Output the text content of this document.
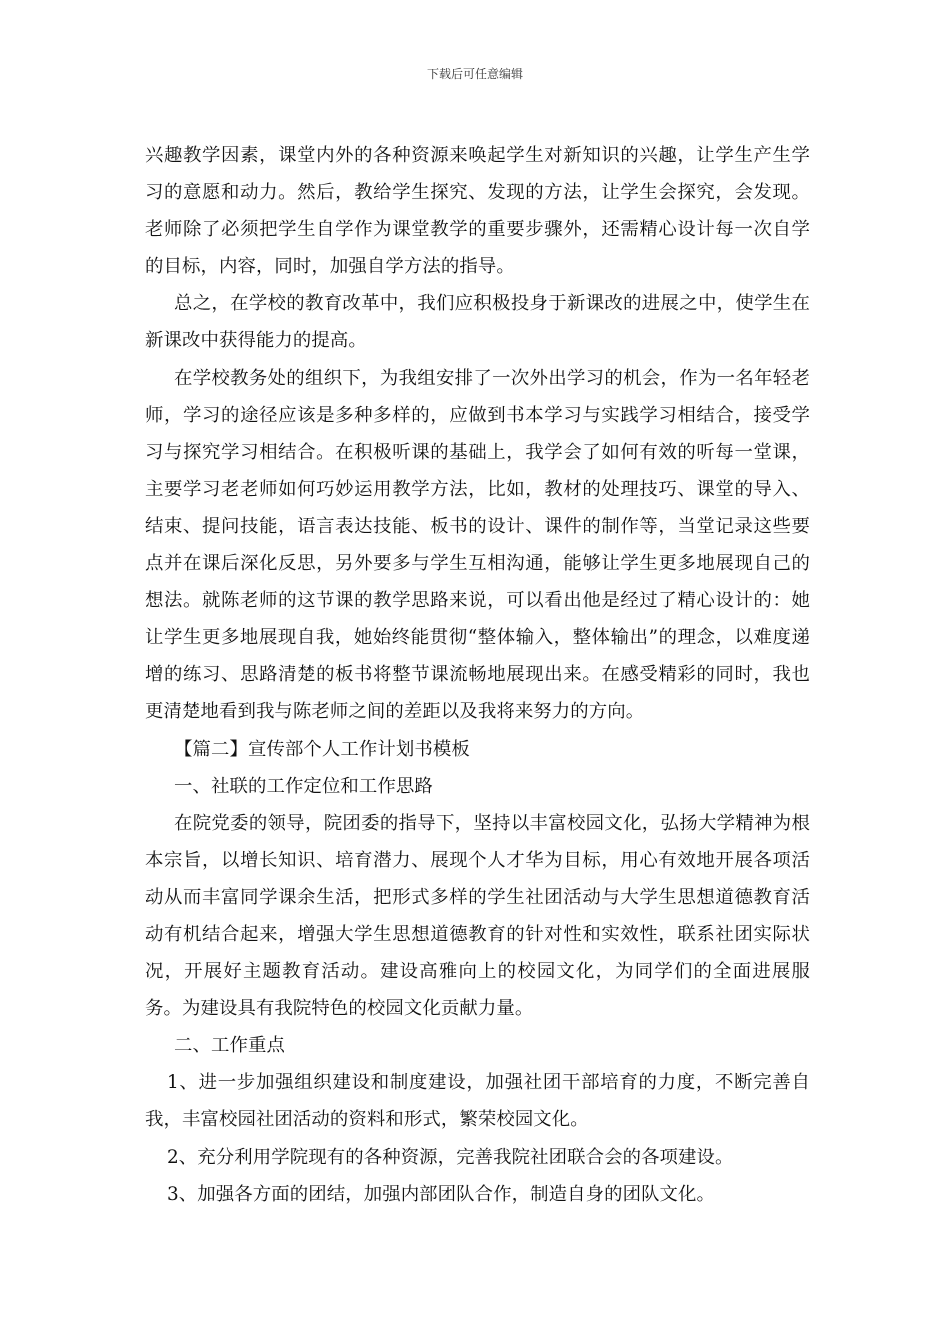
下载后可任意编辑

兴趣教学因素，课堂内外的各种资源来唤起学生对新知识的兴趣，让学生产生学习的意愿和动力。然后，教给学生探究、发现的方法，让学生会探究，会发现。老师除了必须把学生自学作为课堂教学的重要步骤外，还需精心设计每一次自学的目标，内容，同时，加强自学方法的指导。

总之，在学校的教育改革中，我们应积极投身于新课改的进展之中，使学生在新课改中获得能力的提高。

在学校教务处的组织下，为我组安排了一次外出学习的机会，作为一名年轻老师，学习的途径应该是多种多样的，应做到书本学习与实践学习相结合，接受学习与探究学习相结合。在积极听课的基础上，我学会了如何有效的听每一堂课，主要学习老老师如何巧妙运用教学方法，比如，教材的处理技巧、课堂的导入、结束、提问技能，语言表达技能、板书的设计、课件的制作等，当堂记录这些要点并在课后深化反思，另外要多与学生互相沟通，能够让学生更多地展现自己的想法。就陈老师的这节课的教学思路来说，可以看出他是经过了精心设计的：她让学生更多地展现自我，她始终能贯彻“整体输入，整体输出”的理念，以难度递增的练习、思路清楚的板书将整节课流畅地展现出来。在感受精彩的同时，我也更清楚地看到我与陈老师之间的差距以及我将来努力的方向。

【篇二】宣传部个人工作计划书模板

一、社联的工作定位和工作思路

在院党委的领导，院团委的指导下，坚持以丰富校园文化，弘扬大学精神为根本宗旨，以增长知识、培育潜力、展现个人才华为目标，用心有效地开展各项活动从而丰富同学课余生活，把形式多样的学生社团活动与大学生思想道德教育活动有机结合起来，增强大学生思想道德教育的针对性和实效性，联系社团实际状况，开展好主题教育活动。建设高雅向上的校园文化，为同学们的全面进展服务。为建设具有我院特色的校园文化贡献力量。

二、工作重点

1、进一步加强组织建设和制度建设，加强社团干部培育的力度，不断完善自我，丰富校园社团活动的资料和形式，繁荣校园文化。

2、充分利用学院现有的各种资源，完善我院社团联合会的各项建设。

3、加强各方面的团结，加强内部团队合作，制造自身的团队文化。
